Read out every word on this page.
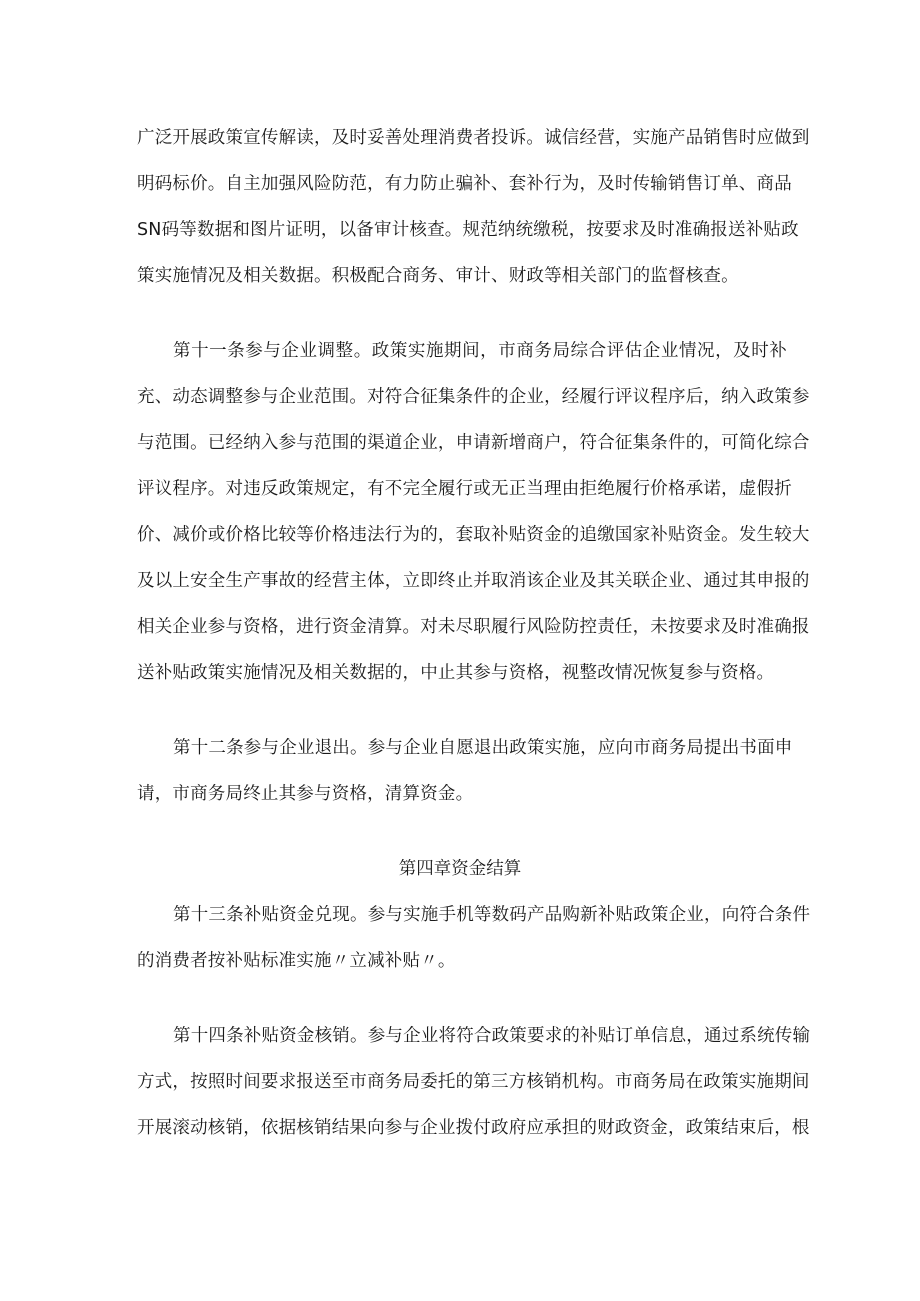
广泛开展政策宣传解读，及时妥善处理消费者投诉。诚信经营，实施产品销售时应做到
明码标价。自主加强风险防范，有力防止骗补、套补行为，及时传输销售订单、商品
SN码等数据和图片证明，以备审计核查。规范纳统缴税，按要求及时准确报送补贴政
策实施情况及相关数据。积极配合商务、审计、财政等相关部门的监督核查。
第十一条参与企业调整。政策实施期间，市商务局综合评估企业情况，及时补
充、动态调整参与企业范围。对符合征集条件的企业，经履行评议程序后，纳入政策参
与范围。已经纳入参与范围的渠道企业，申请新增商户，符合征集条件的，可简化综合
评议程序。对违反政策规定，有不完全履行或无正当理由拒绝履行价格承诺，虚假折
价、减价或价格比较等价格违法行为的，套取补贴资金的追缴国家补贴资金。发生较大
及以上安全生产事故的经营主体，立即终止并取消该企业及其关联企业、通过其申报的
相关企业参与资格，进行资金清算。对未尽职履行风险防控责任，未按要求及时准确报
送补贴政策实施情况及相关数据的，中止其参与资格，视整改情况恢复参与资格。
第十二条参与企业退出。参与企业自愿退出政策实施，应向市商务局提出书面申
请，市商务局终止其参与资格，清算资金。
第四章资金结算
第十三条补贴资金兑现。参与实施手机等数码产品购新补贴政策企业，向符合条件
的消费者按补贴标准实施〃立减补贴〃。
第十四条补贴资金核销。参与企业将符合政策要求的补贴订单信息，通过系统传输
方式，按照时间要求报送至市商务局委托的第三方核销机构。市商务局在政策实施期间
开展滚动核销，依据核销结果向参与企业拨付政府应承担的财政资金，政策结束后，根
